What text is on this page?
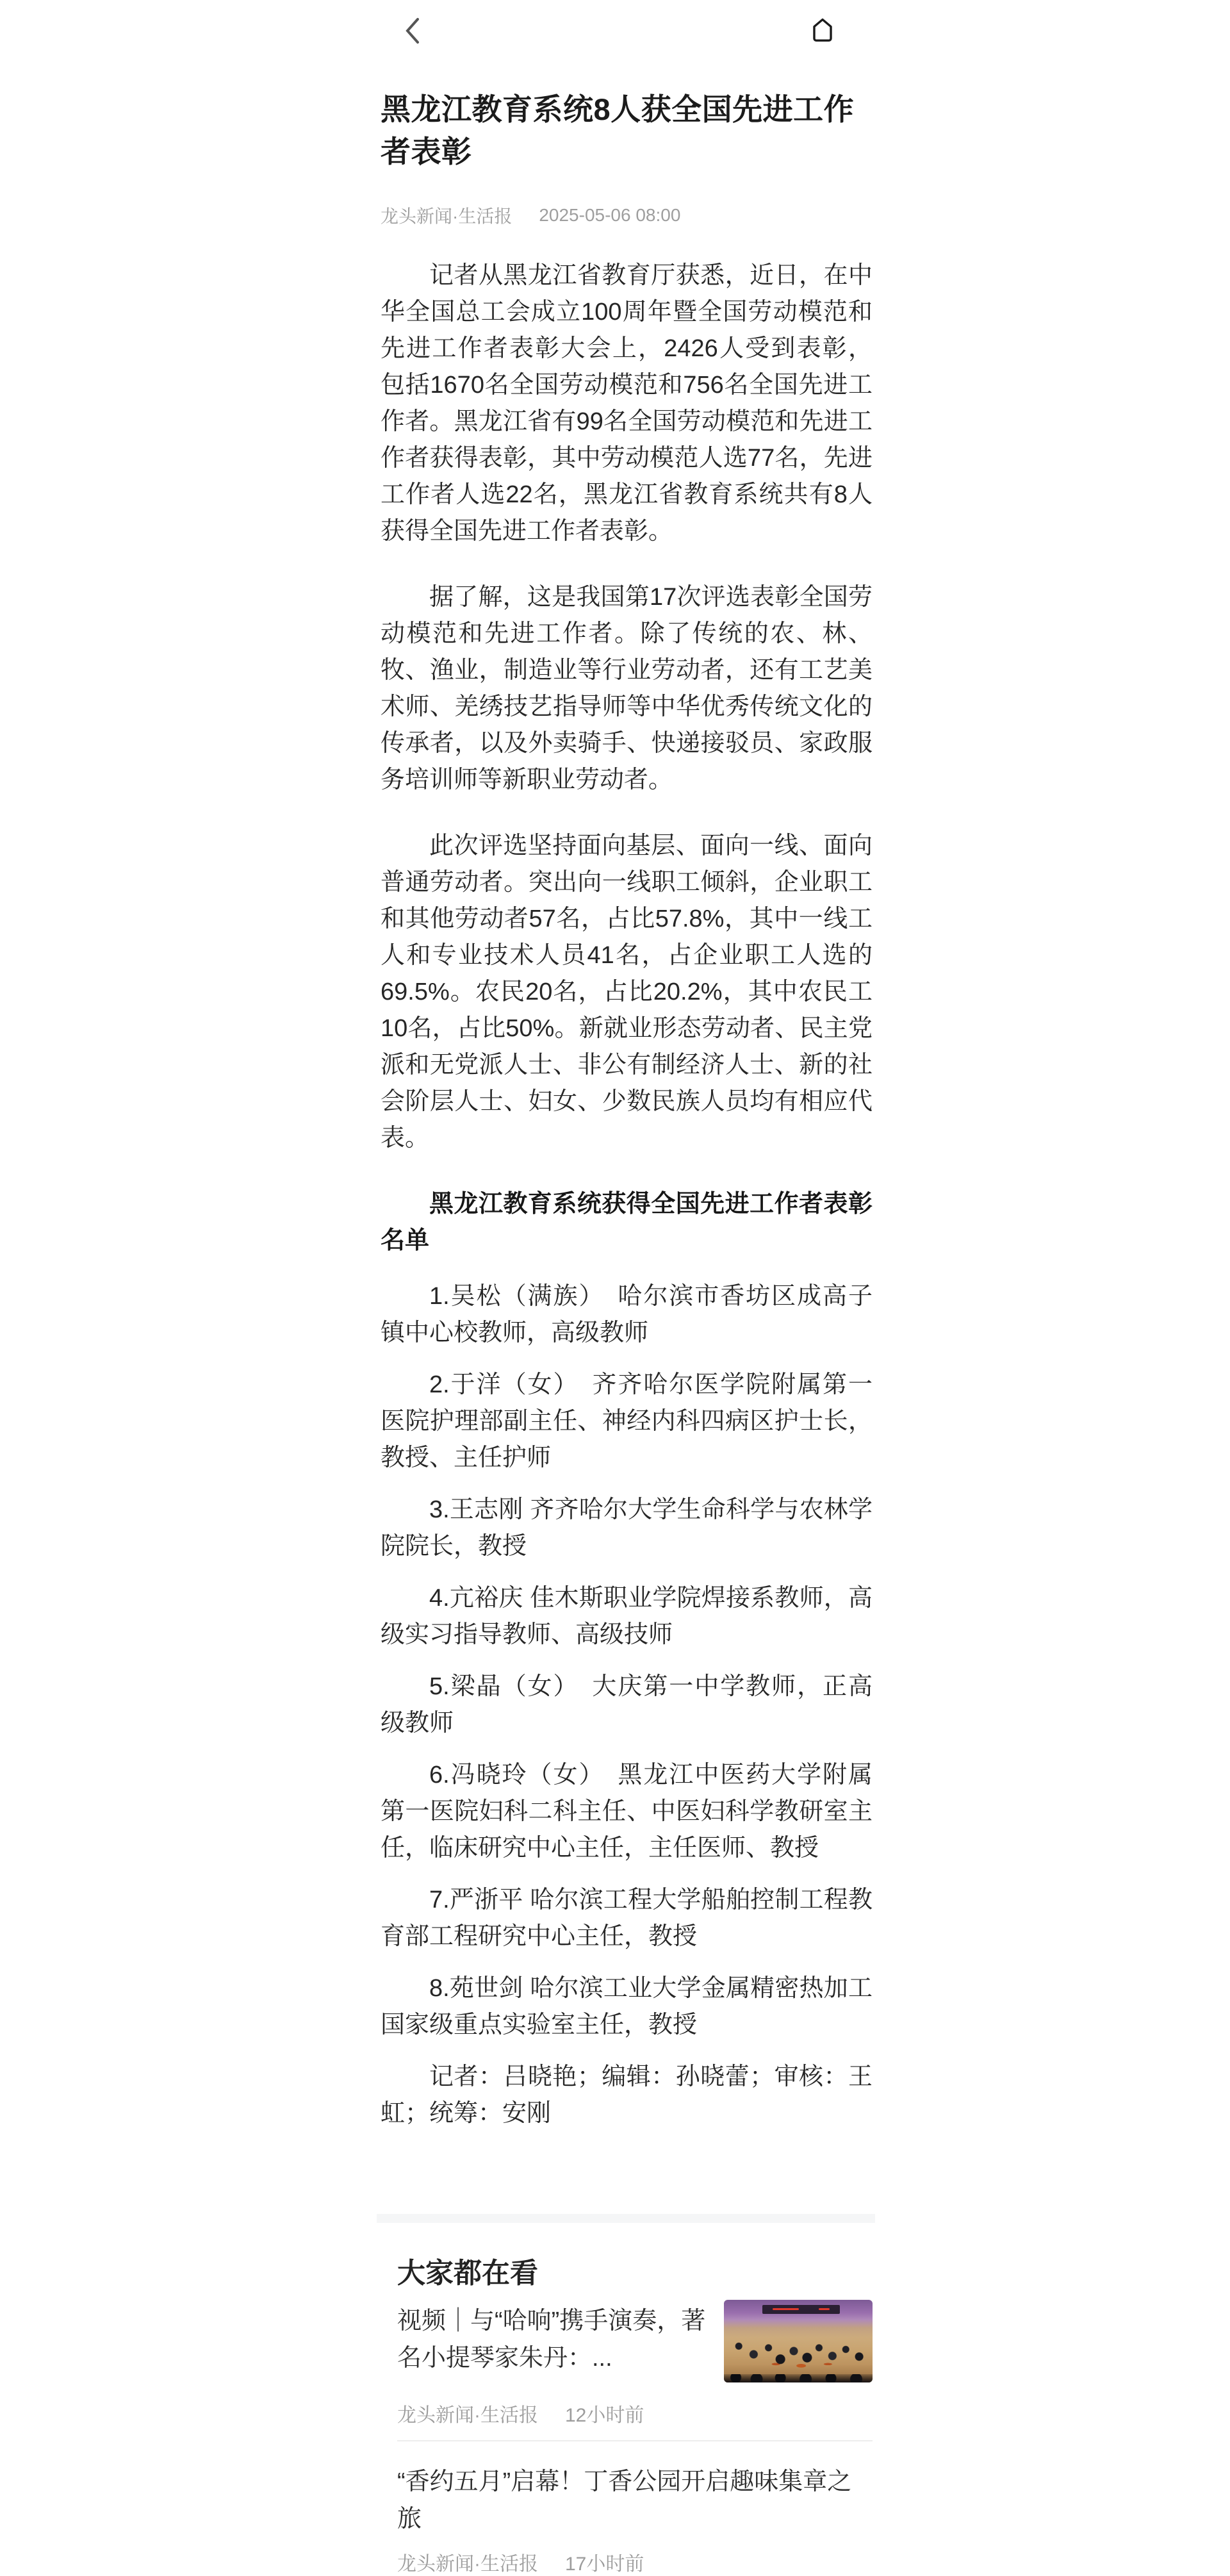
黑龙江教育系统8人获全国先进工作者表彰
龙头新闻·生活报 2025-05-06 08:00

记者从黑龙江省教育厅获悉，近日，在中华全国总工会成立100周年暨全国劳动模范和先进工作者表彰大会上，2426人受到表彰，包括1670名全国劳动模范和756名全国先进工作者。黑龙江省有99名全国劳动模范和先进工作者获得表彰，其中劳动模范人选77名，先进工作者人选22名，黑龙江省教育系统共有8人获得全国先进工作者表彰。

据了解，这是我国第17次评选表彰全国劳动模范和先进工作者。除了传统的农、林、牧、渔业，制造业等行业劳动者，还有工艺美术师、羌绣技艺指导师等中华优秀传统文化的传承者，以及外卖骑手、快递接驳员、家政服务培训师等新职业劳动者。

此次评选坚持面向基层、面向一线、面向普通劳动者。突出向一线职工倾斜，企业职工和其他劳动者57名，占比57.8%，其中一线工人和专业技术人员41名，占企业职工人选的69.5%。农民20名，占比20.2%，其中农民工10名，占比50%。新就业形态劳动者、民主党派和无党派人士、非公有制经济人士、新的社会阶层人士、妇女、少数民族人员均有相应代表。

黑龙江教育系统获得全国先进工作者表彰名单

1.吴松（满族）　哈尔滨市香坊区成高子镇中心校教师，高级教师

2.于洋（女）　齐齐哈尔医学院附属第一医院护理部副主任、神经内科四病区护士长，教授、主任护师

3.王志刚 齐齐哈尔大学生命科学与农林学院院长，教授

4.亢裕庆 佳木斯职业学院焊接系教师，高级实习指导教师、高级技师

5.梁晶（女）　大庆第一中学教师，正高级教师

6.冯晓玲（女）　黑龙江中医药大学附属第一医院妇科二科主任、中医妇科学教研室主任，临床研究中心主任，主任医师、教授

7.严浙平 哈尔滨工程大学船舶控制工程教育部工程研究中心主任，教授

8.苑世剑 哈尔滨工业大学金属精密热加工国家级重点实验室主任，教授

记者：吕晓艳；编辑：孙晓蕾；审核：王虹；统筹：安刚

大家都在看
视频｜与“哈响”携手演奏，著名小提琴家朱丹：...
龙头新闻·生活报 12小时前
“香约五月”启幕！丁香公园开启趣味集章之旅
龙头新闻·生活报 17小时前
